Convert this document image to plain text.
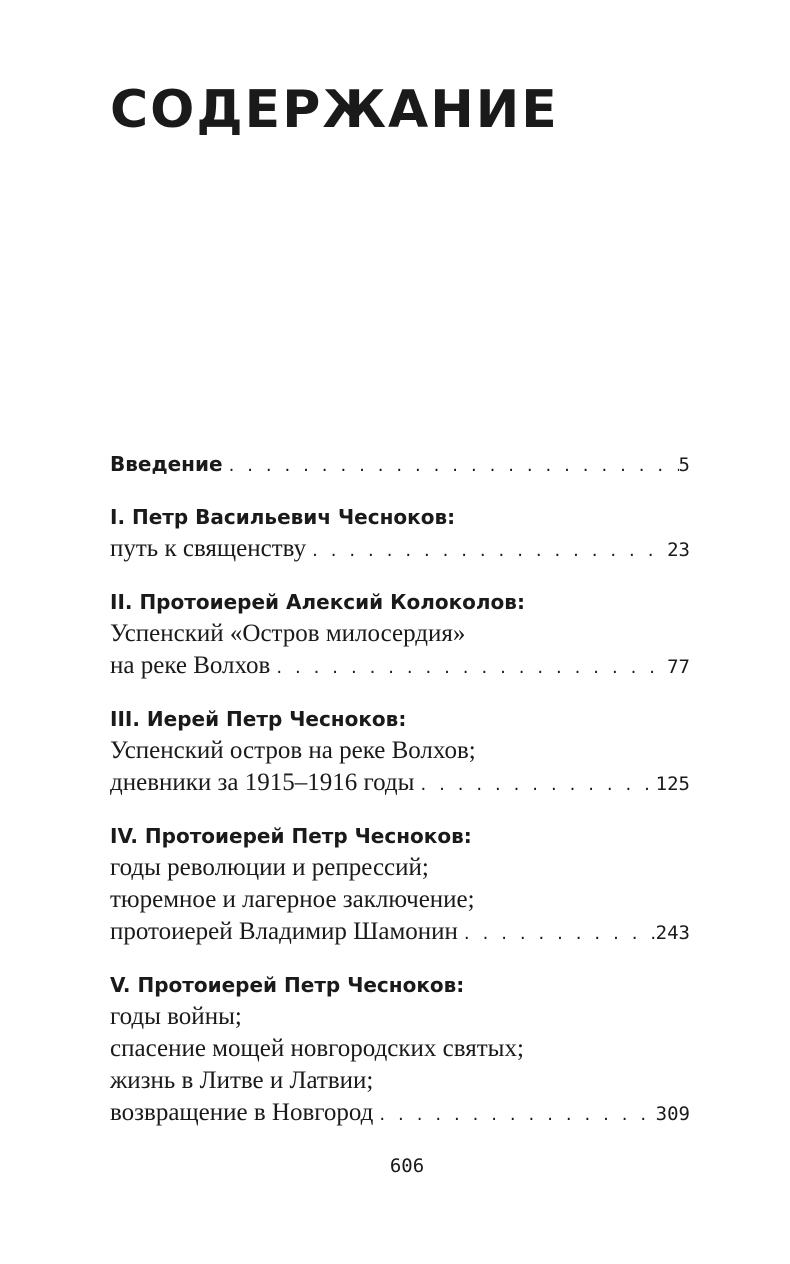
СОДЕРЖАНИЕ
Введение . . .	5
I. Петр Васильевич Чесноков:
путь к священству . . .	23
II. Протоиерей Алексий Колоколов:
Успенский «Остров милосердия»
на реке Волхов . . .	77
III. Иерей Петр Чесноков:
Успенский остров на реке Волхов;
дневники за 1915–1916 годы . . .	125
IV. Протоиерей Петр Чесноков:
годы революции и репрессий;
тюремное и лагерное заключение;
протоиерей Владимир Шамонин . . .	243
V. Протоиерей Петр Чесноков:
годы войны;
спасение мощей новгородских святых;
жизнь в Литве и Латвии;
возвращение в Новгород . . .	309
606
